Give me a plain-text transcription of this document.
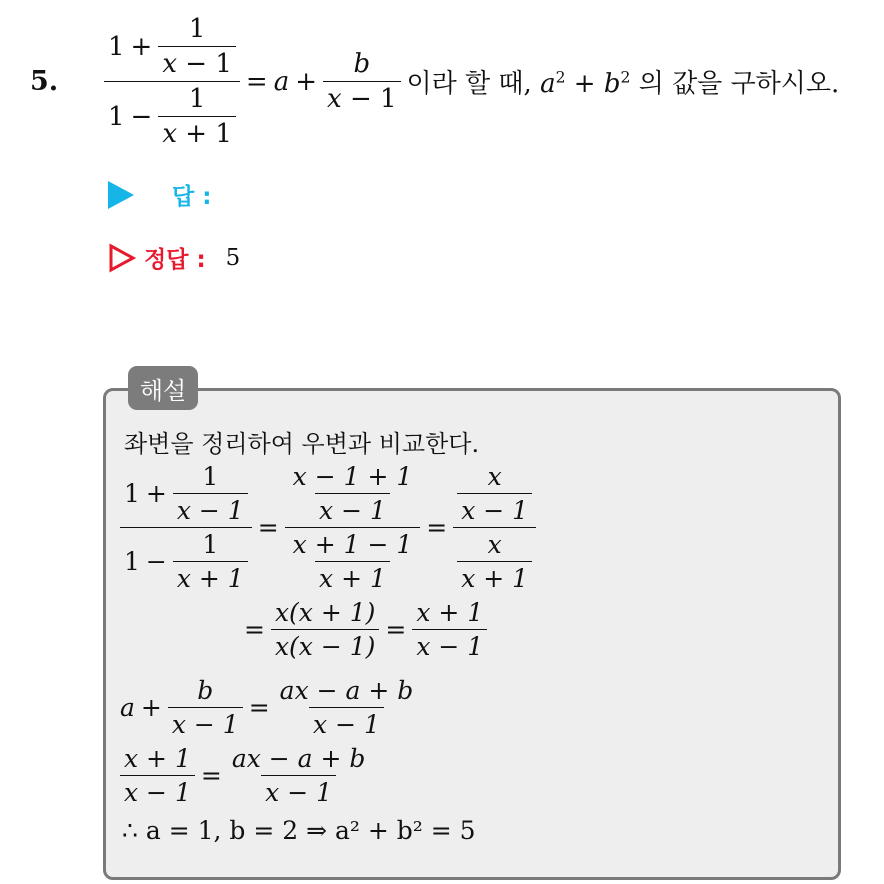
5.	$\frac{1 + \frac{1}{x - 1}}{1 - \frac{1}{x + 1}} = a + \frac{b}{x - 1}$ 이라 할 때, $a^2 + b^2$ 의 값을 구하시오.
답 :
정답 : 5
해설
좌변을 정리하여 우변과 비교한다.
$\frac{1 + \frac{1}{x - 1}}{1 - \frac{1}{x + 1}} = \frac{\frac{x - 1 + 1}{x - 1}}{\frac{x + 1 - 1}{x + 1}} = \frac{\frac{x}{x - 1}}{\frac{x}{x + 1}}$
= $\frac{x(x + 1)}{x(x - 1)} = \frac{x + 1}{x - 1}$
$a + \frac{b}{x - 1} = \frac{ax - a + b}{x - 1}$
$\frac{x + 1}{x - 1} = \frac{ax - a + b}{x - 1}$
∴ a = 1, b = 2 ⇒ a² + b² = 5
